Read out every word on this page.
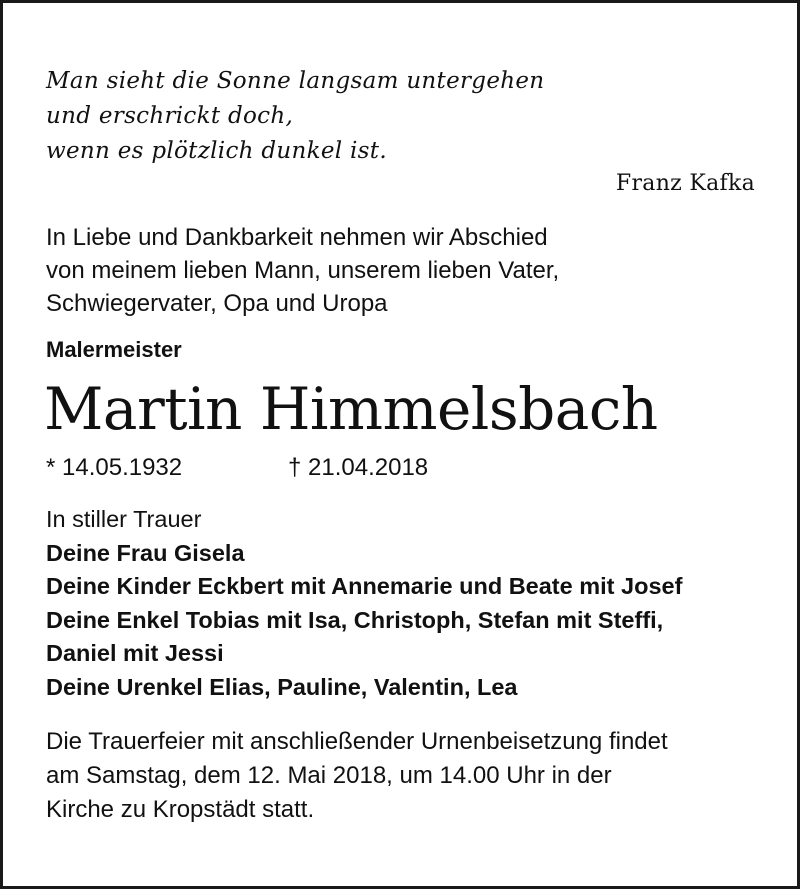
Man sieht die Sonne langsam untergehen
und erschrickt doch,
wenn es plötzlich dunkel ist.
Franz Kafka
In Liebe und Dankbarkeit nehmen wir Abschied
von meinem lieben Mann, unserem lieben Vater,
Schwiegervater, Opa und Uropa
Malermeister
Martin Himmelsbach
* 14.05.1932	† 21.04.2018
In stiller Trauer
Deine Frau Gisela
Deine Kinder Eckbert mit Annemarie und Beate mit Josef
Deine Enkel Tobias mit Isa, Christoph, Stefan mit Steffi,
Daniel mit Jessi
Deine Urenkel Elias, Pauline, Valentin, Lea
Die Trauerfeier mit anschließender Urnenbeisetzung findet
am Samstag, dem 12. Mai 2018, um 14.00 Uhr in der
Kirche zu Kropstädt statt.
